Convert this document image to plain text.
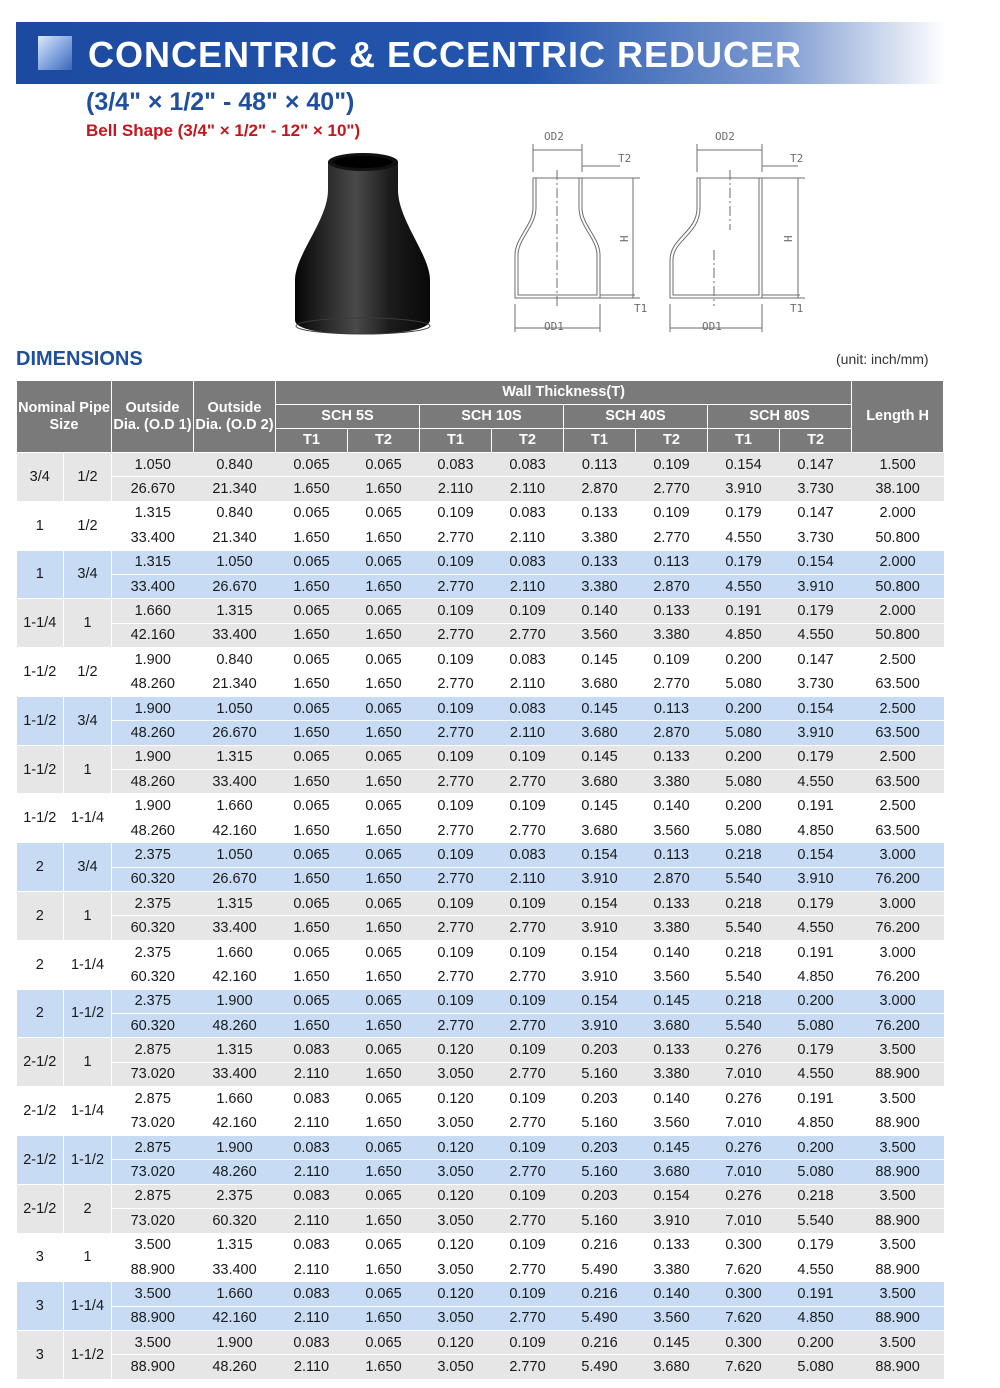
CONCENTRIC & ECCENTRIC REDUCER
(3/4" × 1/2" - 48" × 40")
Bell Shape (3/4" × 1/2" - 12" × 10")	OD2
T2
H
T1
OD1
OD2
T2
H
T1
OD1
DIMENSIONS	(unit: inch/mm)
Nominal Pipe Size		Outside Dia. (O.D 1)	Outside Dia. (O.D 2)	Wall Thickness(T)								Length H
				SCH 5S		SCH 10S		SCH 40S		SCH 80S		
				T1	T2	T1	T2	T1	T2	T1	T2	
3/4	1/2	1.050	0.840	0.065	0.065	0.083	0.083	0.113	0.109	0.154	0.147	1.500
		26.670	21.340	1.650	1.650	2.110	2.110	2.870	2.770	3.910	3.730	38.100
1	1/2	1.315	0.840	0.065	0.065	0.109	0.083	0.133	0.109	0.179	0.147	2.000
		33.400	21.340	1.650	1.650	2.770	2.110	3.380	2.770	4.550	3.730	50.800
1	3/4	1.315	1.050	0.065	0.065	0.109	0.083	0.133	0.113	0.179	0.154	2.000
		33.400	26.670	1.650	1.650	2.770	2.110	3.380	2.870	4.550	3.910	50.800
1-1/4	1	1.660	1.315	0.065	0.065	0.109	0.109	0.140	0.133	0.191	0.179	2.000
		42.160	33.400	1.650	1.650	2.770	2.770	3.560	3.380	4.850	4.550	50.800
1-1/2	1/2	1.900	0.840	0.065	0.065	0.109	0.083	0.145	0.109	0.200	0.147	2.500
		48.260	21.340	1.650	1.650	2.770	2.110	3.680	2.770	5.080	3.730	63.500
1-1/2	3/4	1.900	1.050	0.065	0.065	0.109	0.083	0.145	0.113	0.200	0.154	2.500
		48.260	26.670	1.650	1.650	2.770	2.110	3.680	2.870	5.080	3.910	63.500
1-1/2	1	1.900	1.315	0.065	0.065	0.109	0.109	0.145	0.133	0.200	0.179	2.500
		48.260	33.400	1.650	1.650	2.770	2.770	3.680	3.380	5.080	4.550	63.500
1-1/2	1-1/4	1.900	1.660	0.065	0.065	0.109	0.109	0.145	0.140	0.200	0.191	2.500
		48.260	42.160	1.650	1.650	2.770	2.770	3.680	3.560	5.080	4.850	63.500
2	3/4	2.375	1.050	0.065	0.065	0.109	0.083	0.154	0.113	0.218	0.154	3.000
		60.320	26.670	1.650	1.650	2.770	2.110	3.910	2.870	5.540	3.910	76.200
2	1	2.375	1.315	0.065	0.065	0.109	0.109	0.154	0.133	0.218	0.179	3.000
		60.320	33.400	1.650	1.650	2.770	2.770	3.910	3.380	5.540	4.550	76.200
2	1-1/4	2.375	1.660	0.065	0.065	0.109	0.109	0.154	0.140	0.218	0.191	3.000
		60.320	42.160	1.650	1.650	2.770	2.770	3.910	3.560	5.540	4.850	76.200
2	1-1/2	2.375	1.900	0.065	0.065	0.109	0.109	0.154	0.145	0.218	0.200	3.000
		60.320	48.260	1.650	1.650	2.770	2.770	3.910	3.680	5.540	5.080	76.200
2-1/2	1	2.875	1.315	0.083	0.065	0.120	0.109	0.203	0.133	0.276	0.179	3.500
		73.020	33.400	2.110	1.650	3.050	2.770	5.160	3.380	7.010	4.550	88.900
2-1/2	1-1/4	2.875	1.660	0.083	0.065	0.120	0.109	0.203	0.140	0.276	0.191	3.500
		73.020	42.160	2.110	1.650	3.050	2.770	5.160	3.560	7.010	4.850	88.900
2-1/2	1-1/2	2.875	1.900	0.083	0.065	0.120	0.109	0.203	0.145	0.276	0.200	3.500
		73.020	48.260	2.110	1.650	3.050	2.770	5.160	3.680	7.010	5.080	88.900
2-1/2	2	2.875	2.375	0.083	0.065	0.120	0.109	0.203	0.154	0.276	0.218	3.500
		73.020	60.320	2.110	1.650	3.050	2.770	5.160	3.910	7.010	5.540	88.900
3	1	3.500	1.315	0.083	0.065	0.120	0.109	0.216	0.133	0.300	0.179	3.500
		88.900	33.400	2.110	1.650	3.050	2.770	5.490	3.380	7.620	4.550	88.900
3	1-1/4	3.500	1.660	0.083	0.065	0.120	0.109	0.216	0.140	0.300	0.191	3.500
		88.900	42.160	2.110	1.650	3.050	2.770	5.490	3.560	7.620	4.850	88.900
3	1-1/2	3.500	1.900	0.083	0.065	0.120	0.109	0.216	0.145	0.300	0.200	3.500
		88.900	48.260	2.110	1.650	3.050	2.770	5.490	3.680	7.620	5.080	88.900
